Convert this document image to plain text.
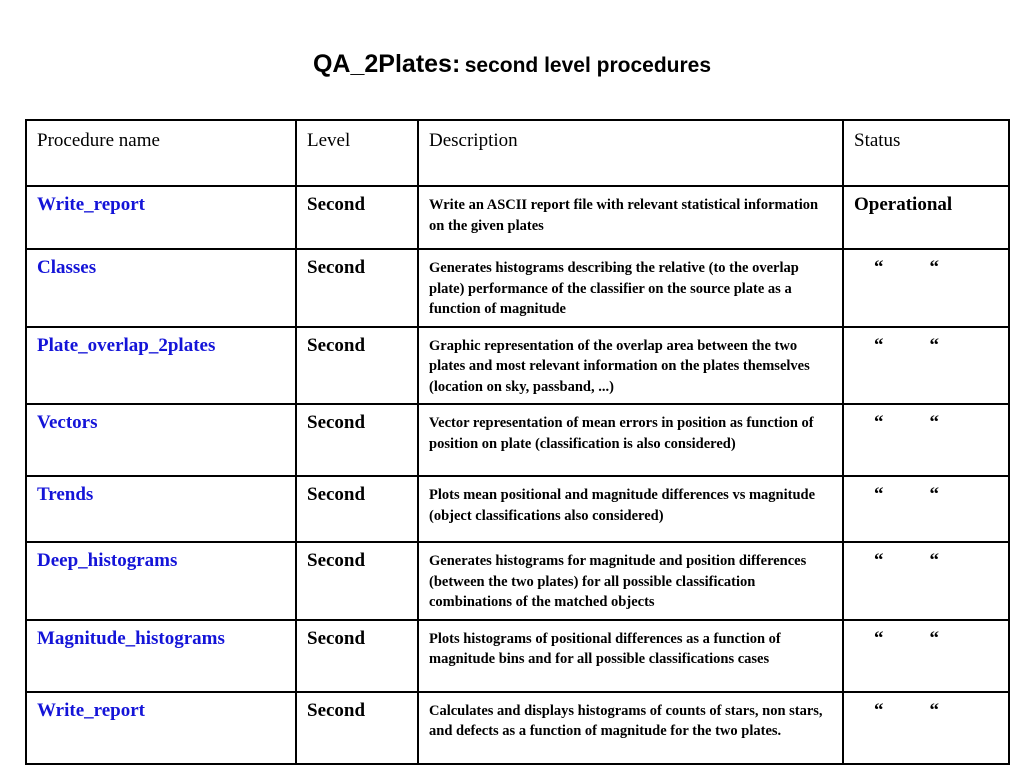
QA_2Plates: second level procedures
Procedure name	Level	Description	Status
Write_report	Second	Write an ASCII report file with relevant statistical information on the given plates	Operational
Classes	Second	Generates histograms describing the relative (to the overlap plate) performance of the classifier on the source plate as a function of magnitude	“ “
Plate_overlap_2plates	Second	Graphic representation of the overlap area between the two plates and most relevant information on the plates themselves (location on sky, passband, ...)	“ “
Vectors	Second	Vector representation of mean errors in position as function of position on plate (classification is also considered)	“ “
Trends	Second	Plots mean positional and magnitude differences vs magnitude (object classifications also considered)	“ “
Deep_histograms	Second	Generates histograms for magnitude and position differences (between the two plates) for all possible classification combinations of the matched objects	“ “
Magnitude_histograms	Second	Plots histograms of positional differences as a function of magnitude bins and for all possible classifications cases	“ “
Write_report	Second	Calculates and displays histograms of counts of stars, non stars, and defects as a function of magnitude for the two plates.	“ “
